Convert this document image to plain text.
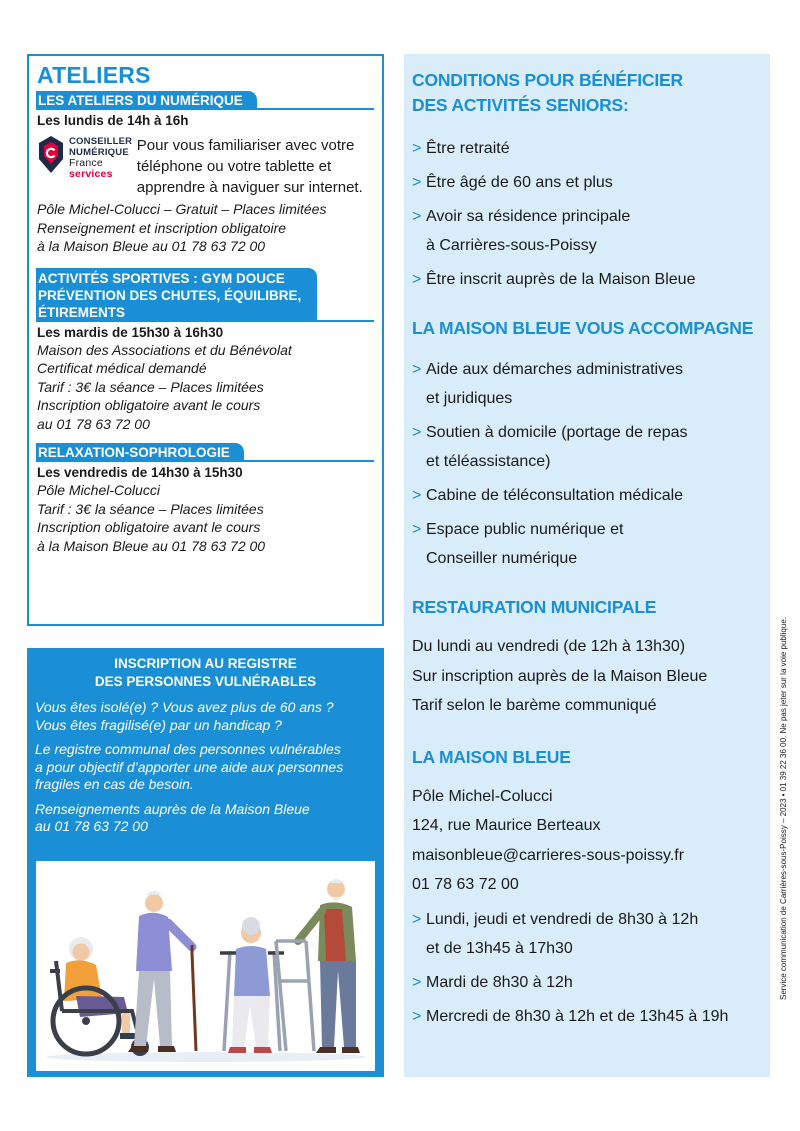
ATELIERS
LES ATELIERS DU NUMÉRIQUE
Les lundis de 14h à 16h
CONSEILLER
NUMÉRIQUE
France
services
Pour vous familiariser avec votre téléphone ou votre tablette et apprendre à naviguer sur internet.
Pôle Michel-Colucci – Gratuit – Places limitées
Renseignement et inscription obligatoire
à la Maison Bleue au 01 78 63 72 00
ACTIVITÉS SPORTIVES : GYM DOUCE
PRÉVENTION DES CHUTES, ÉQUILIBRE,
ÉTIREMENTS
Les mardis de 15h30 à 16h30
Maison des Associations et du Bénévolat
Certificat médical demandé
Tarif : 3€ la séance – Places limitées
Inscription obligatoire avant le cours
au 01 78 63 72 00
RELAXATION-SOPHROLOGIE
Les vendredis de 14h30 à 15h30
Pôle Michel-Colucci
Tarif : 3€ la séance – Places limitées
Inscription obligatoire avant le cours
à la Maison Bleue au 01 78 63 72 00
INSCRIPTION AU REGISTRE
DES PERSONNES VULNÉRABLES
Vous êtes isolé(e) ? Vous avez plus de 60 ans ?
Vous êtes fragilisé(e) par un handicap ?
Le registre communal des personnes vulnérables
a pour objectif d’apporter une aide aux personnes
fragiles en cas de besoin.
Renseignements auprès de la Maison Bleue
au 01 78 63 72 00
CONDITIONS POUR BÉNÉFICIER
DES ACTIVITÉS SENIORS:
> Être retraité
> Être âgé de 60 ans et plus
> Avoir sa résidence principale
à Carrières-sous-Poissy
> Être inscrit auprès de la Maison Bleue
LA MAISON BLEUE VOUS ACCOMPAGNE
> Aide aux démarches administratives
et juridiques
> Soutien à domicile (portage de repas
et téléassistance)
> Cabine de téléconsultation médicale
> Espace public numérique et
Conseiller numérique
RESTAURATION MUNICIPALE
Du lundi au vendredi (de 12h à 13h30)
Sur inscription auprès de la Maison Bleue
Tarif selon le barème communiqué
LA MAISON BLEUE
Pôle Michel-Colucci
124, rue Maurice Berteaux
maisonbleue@carrieres-sous-poissy.fr
01 78 63 72 00
> Lundi, jeudi et vendredi de 8h30 à 12h
et de 13h45 à 17h30
> Mardi de 8h30 à 12h
> Mercredi de 8h30 à 12h et de 13h45 à 19h
Service communication de Carrières-sous-Poissy – 2023 • 01 39 22 36 00. Ne pas jeter sur la voie publique.
